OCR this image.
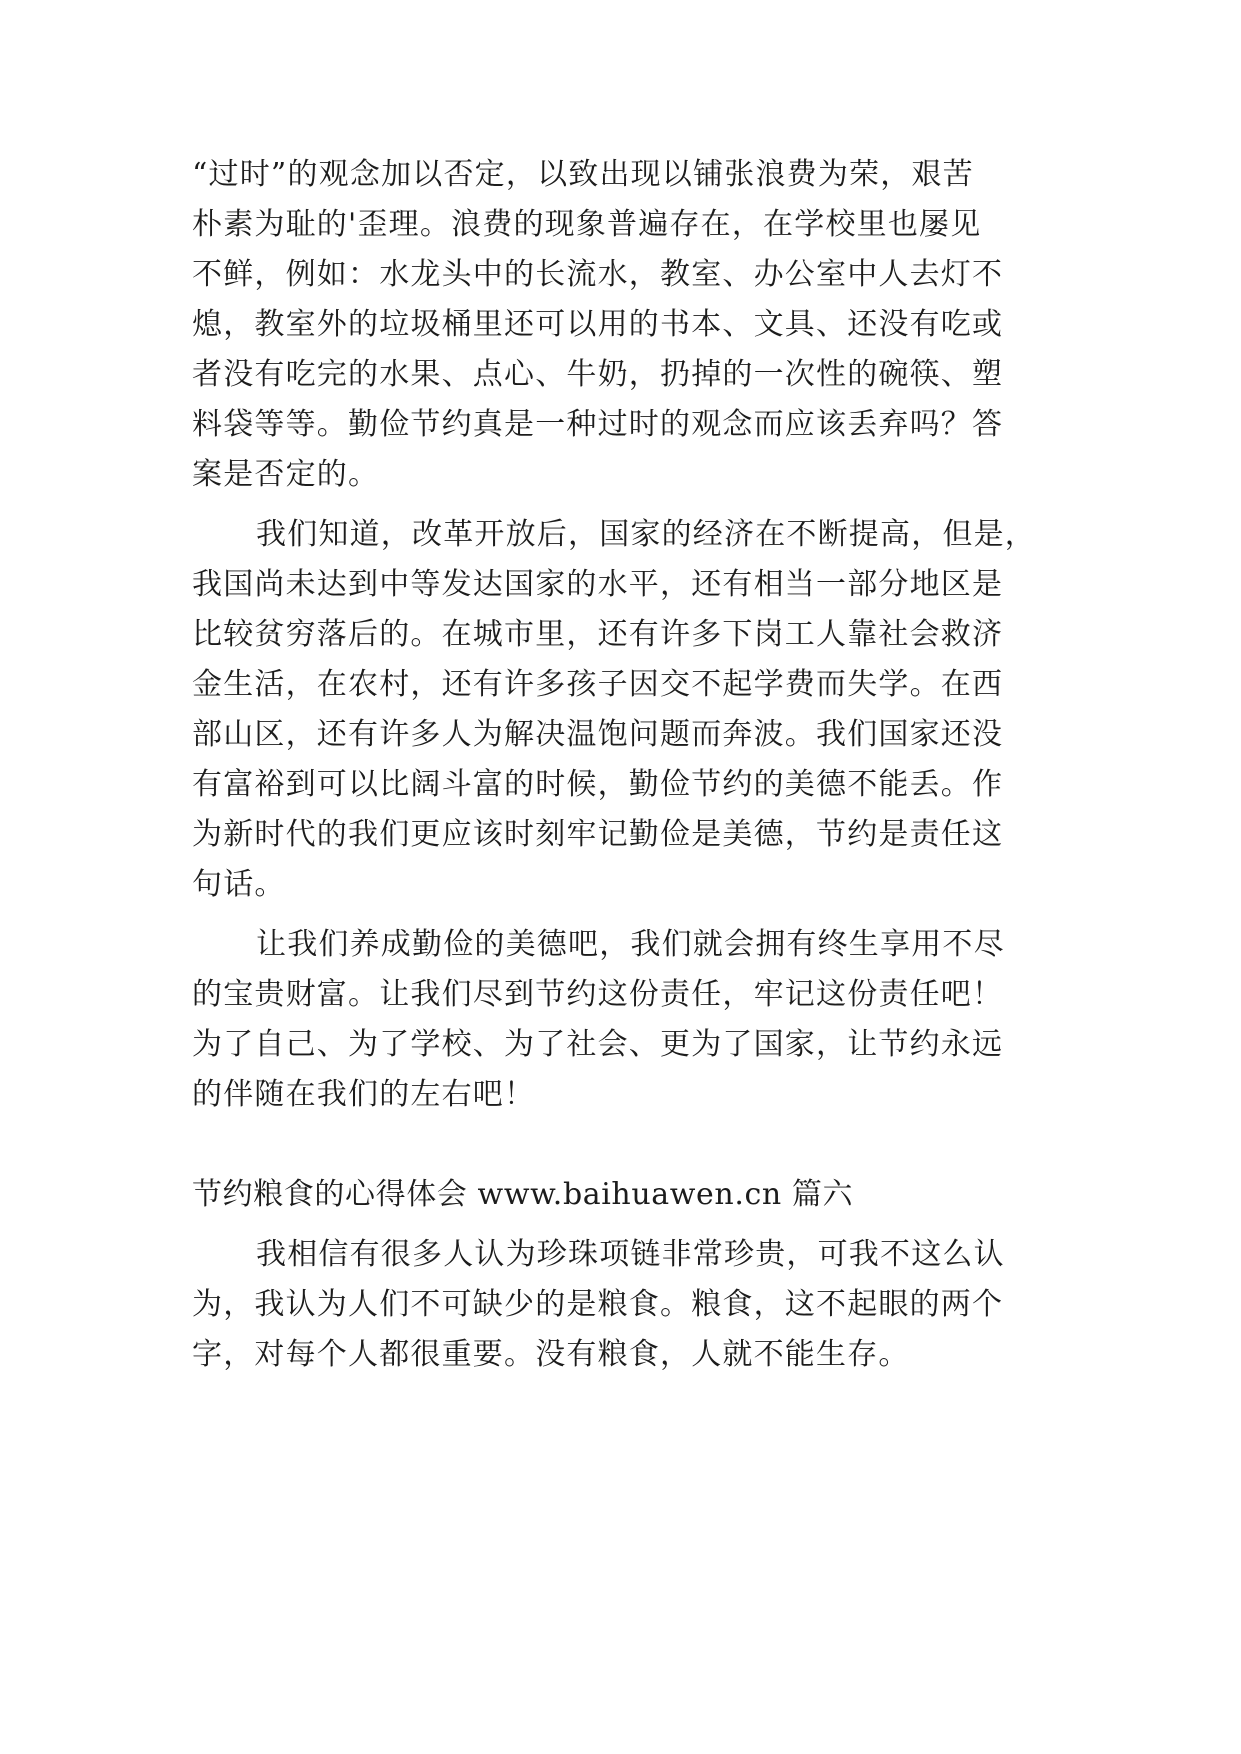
“过时”的观念加以否定，以致出现以铺张浪费为荣，艰苦
朴素为耻的'歪理。浪费的现象普遍存在，在学校里也屡见
不鲜，例如：水龙头中的长流水，教室、办公室中人去灯不
熄，教室外的垃圾桶里还可以用的书本、文具、还没有吃或
者没有吃完的水果、点心、牛奶，扔掉的一次性的碗筷、塑
料袋等等。勤俭节约真是一种过时的观念而应该丢弃吗？答
案是否定的。
我们知道，改革开放后，国家的经济在不断提高，但是，
我国尚未达到中等发达国家的水平，还有相当一部分地区是
比较贫穷落后的。在城市里，还有许多下岗工人靠社会救济
金生活，在农村，还有许多孩子因交不起学费而失学。在西
部山区，还有许多人为解决温饱问题而奔波。我们国家还没
有富裕到可以比阔斗富的时候，勤俭节约的美德不能丢。作
为新时代的我们更应该时刻牢记勤俭是美德，节约是责任这
句话。
让我们养成勤俭的美德吧，我们就会拥有终生享用不尽
的宝贵财富。让我们尽到节约这份责任，牢记这份责任吧！
为了自己、为了学校、为了社会、更为了国家，让节约永远
的伴随在我们的左右吧！
节约粮食的心得体会 www.baihuawen.cn 篇六
我相信有很多人认为珍珠项链非常珍贵，可我不这么认
为，我认为人们不可缺少的是粮食。粮食，这不起眼的两个
字，对每个人都很重要。没有粮食，人就不能生存。
